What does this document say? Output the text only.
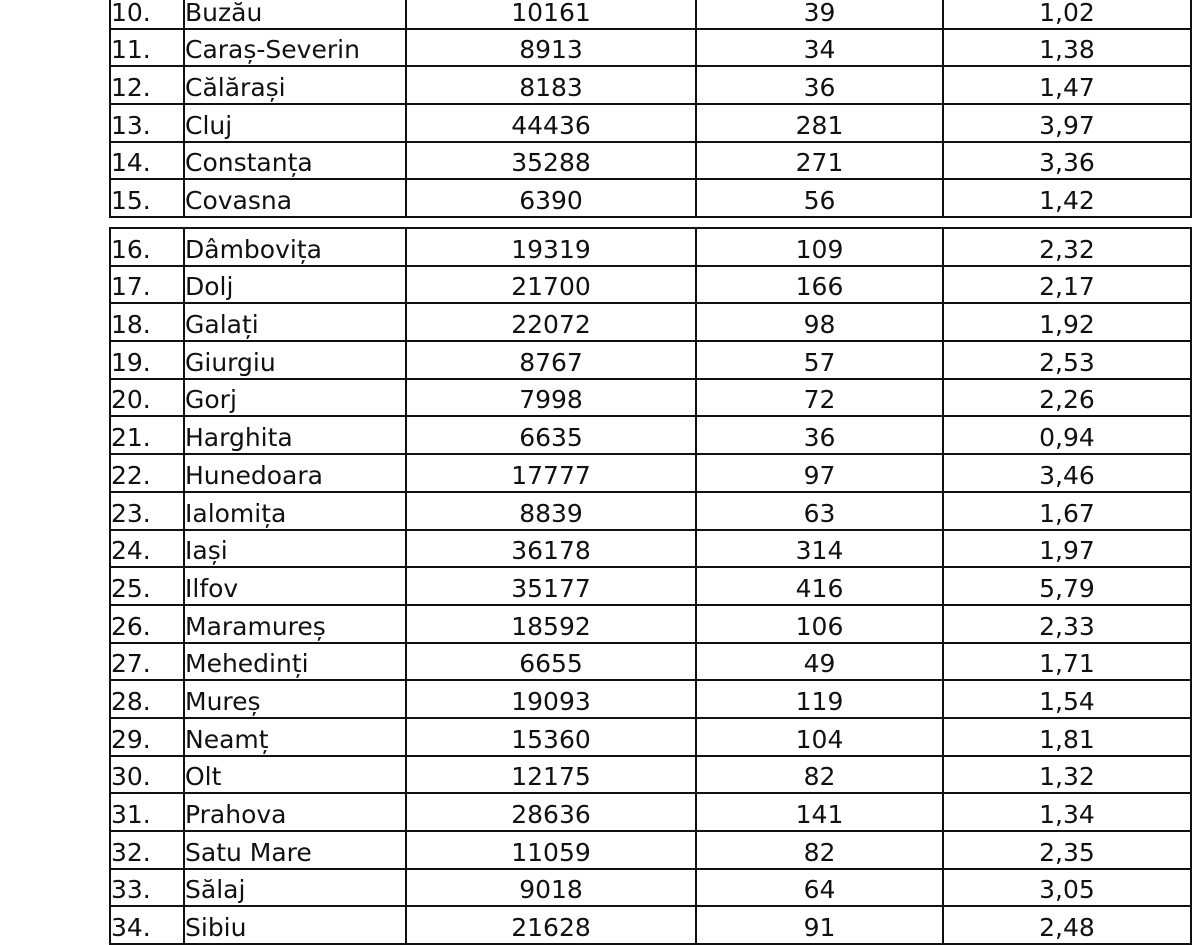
10.	Buzău	10161	39	1,02
11.	Caraș-Severin	8913	34	1,38
12.	Călărași	8183	36	1,47
13.	Cluj	44436	281	3,97
14.	Constanța	35288	271	3,36
15.	Covasna	6390	56	1,42
16.	Dâmbovița	19319	109	2,32
17.	Dolj	21700	166	2,17
18.	Galați	22072	98	1,92
19.	Giurgiu	8767	57	2,53
20.	Gorj	7998	72	2,26
21.	Harghita	6635	36	0,94
22.	Hunedoara	17777	97	3,46
23.	Ialomița	8839	63	1,67
24.	Iași	36178	314	1,97
25.	Ilfov	35177	416	5,79
26.	Maramureș	18592	106	2,33
27.	Mehedinți	6655	49	1,71
28.	Mureș	19093	119	1,54
29.	Neamț	15360	104	1,81
30.	Olt	12175	82	1,32
31.	Prahova	28636	141	1,34
32.	Satu Mare	11059	82	2,35
33.	Sălaj	9018	64	3,05
34.	Sibiu	21628	91	2,48
